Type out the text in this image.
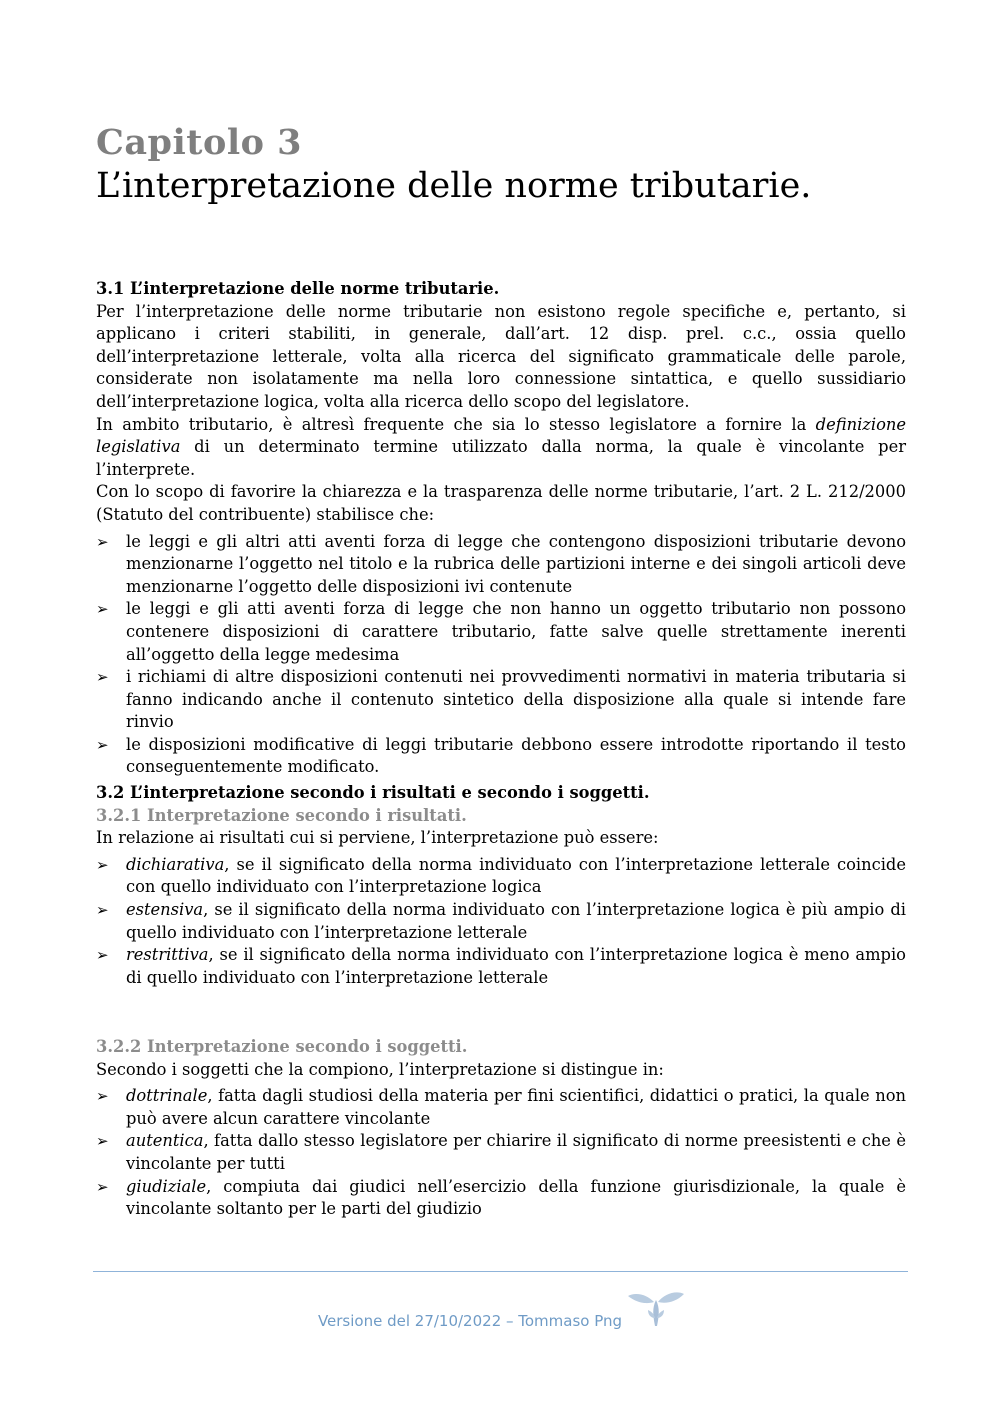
Capitolo 3
L’interpretazione delle norme tributarie.
3.1 L’interpretazione delle norme tributarie.

Per l’interpretazione delle norme tributarie non esistono regole specifiche e, pertanto, si applicano i criteri stabiliti, in generale, dall’art. 12 disp. prel. c.c., ossia quello dell’interpretazione letterale, volta alla ricerca del significato grammaticale delle parole, considerate non isolatamente ma nella loro connessione sintattica, e quello sussidiario dell’interpretazione logica, volta alla ricerca dello scopo del legislatore.

In ambito tributario, è altresì frequente che sia lo stesso legislatore a fornire la definizione legislativa di un determinato termine utilizzato dalla norma, la quale è vincolante per l’interprete.

Con lo scopo di favorire la chiarezza e la trasparenza delle norme tributarie, l’art. 2 L. 212/2000 (Statuto del contribuente) stabilisce che:

➢ le leggi e gli altri atti aventi forza di legge che contengono disposizioni tributarie devono menzionarne l’oggetto nel titolo e la rubrica delle partizioni interne e dei singoli articoli deve menzionarne l’oggetto delle disposizioni ivi contenute
➢ le leggi e gli atti aventi forza di legge che non hanno un oggetto tributario non possono contenere disposizioni di carattere tributario, fatte salve quelle strettamente inerenti all’oggetto della legge medesima
➢ i richiami di altre disposizioni contenuti nei provvedimenti normativi in materia tributaria si fanno indicando anche il contenuto sintetico della disposizione alla quale si intende fare rinvio
➢ le disposizioni modificative di leggi tributarie debbono essere introdotte riportando il testo conseguentemente modificato.
3.2 L’interpretazione secondo i risultati e secondo i soggetti.
3.2.1 Interpretazione secondo i risultati.

In relazione ai risultati cui si perviene, l’interpretazione può essere:

➢ dichiarativa, se il significato della norma individuato con l’interpretazione letterale coincide con quello individuato con l’interpretazione logica
➢ estensiva, se il significato della norma individuato con l’interpretazione logica è più ampio di quello individuato con l’interpretazione letterale
➢ restrittiva, se il significato della norma individuato con l’interpretazione logica è meno ampio di quello individuato con l’interpretazione letterale
3.2.2 Interpretazione secondo i soggetti.

Secondo i soggetti che la compiono, l’interpretazione si distingue in:

➢ dottrinale, fatta dagli studiosi della materia per fini scientifici, didattici o pratici, la quale non può avere alcun carattere vincolante
➢ autentica, fatta dallo stesso legislatore per chiarire il significato di norme preesistenti e che è vincolante per tutti
➢ giudiziale, compiuta dai giudici nell’esercizio della funzione giurisdizionale, la quale è vincolante soltanto per le parti del giudizio
Versione del 27/10/2022 – Tommaso Png
